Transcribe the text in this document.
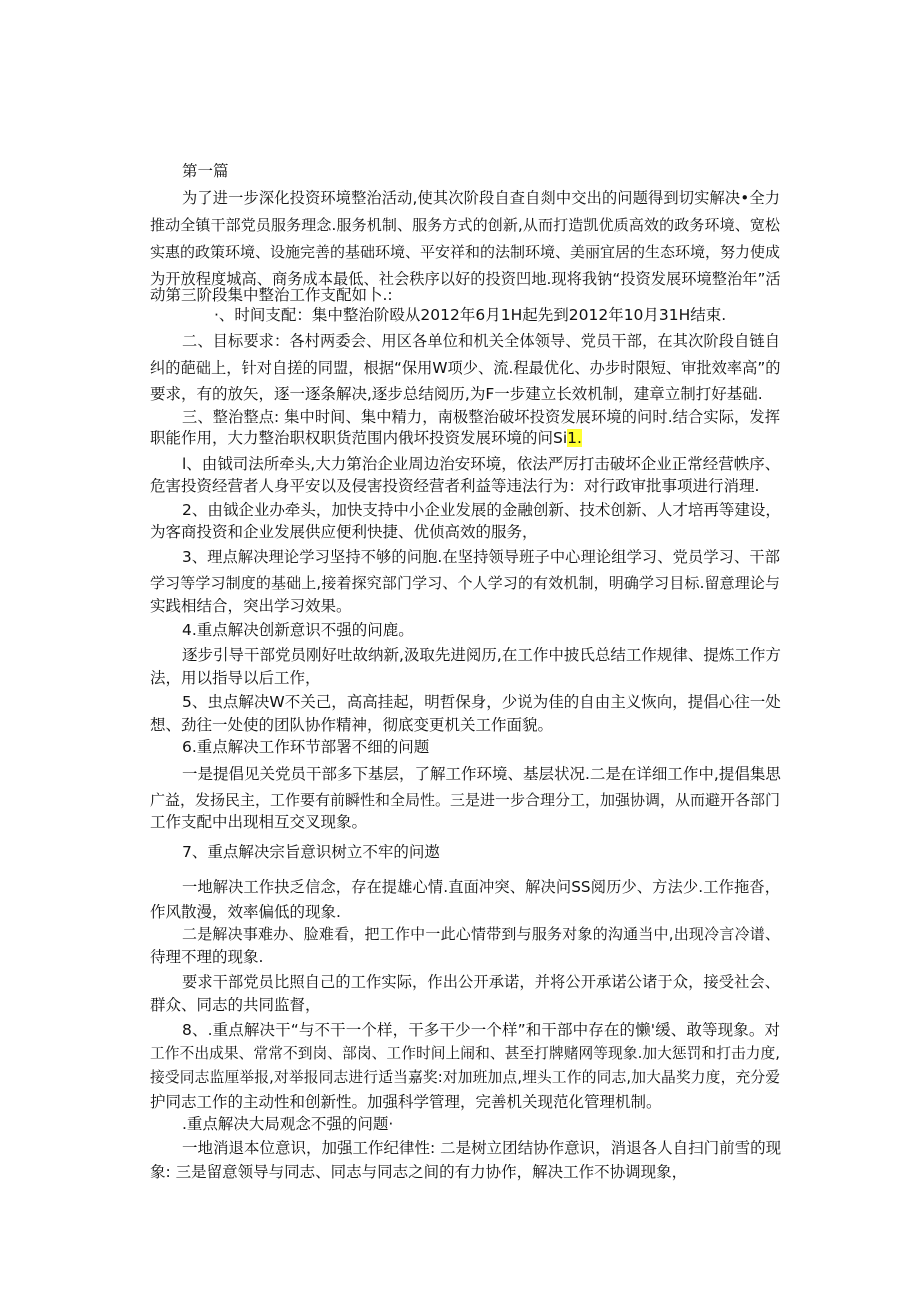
第一篇
为了进一步深化投资环境整治活动,使其次阶段自查自剡中交出的问题得到切实解决•全力
推动全镇干部党员服务理念.服务机制、服务方式的创新,从而打造凯优质高效的政务环境、宽松
实惠的政策环境、设施完善的基础环境、平安祥和的法制环境、美丽宜居的生态环境，努力使成
为开放程度城高、商务成本最低、社会秩序以好的投资凹地.现将我钠“投资发展环境整治年”活
动第三阶段集中整治工作支配如卜.:
·、时间支配：集中整治阶殴从2012年6月1H起先到2012年10月31H结束.
二、目标要求：各村两委会、用区各单位和机关全体领导、党员干部，在其次阶段自链自
纠的葩础上，针对自搓的同盟，根据“保用W项少、流.程最优化、办步时限短、审批效率高”的
要求，有的放矢，逐一逐条解决,逐步总结阅历,为F一步建立长效机制，建章立制打好基础.
三、整治整点: 集中时间、集中精力，南极整治破坏投资发展环境的问时.结合实际，发挥
职能作用，大力整治职权职货范围内俄坏投资发展环境的问Si1.
l、由钺司法所牵头,大力第治企业周边治安环境，依法严厉打击破坏企业正常经营帙序、
危害投资经营者人身平安以及侵害投资经营者利益等违法行为：对行政审批事项进行消理.
2、由钺企业办牵头，加快支持中小企业发展的金融创新、技术创新、人才培再等建设，
为客商投资和企业发展供应便利快捷、优侦高效的服务，
3、理点解决理论学习坚持不够的问胞.在坚持领导班子中心理论组学习、党员学习、干部
学习等学习制度的基础上,接着探究部门学习、个人学习的有效机制，明确学习目标.留意理论与
实践相结合，突出学习效果。
4.重点解决创新意识不强的问鹿。
逐步引导干部党员刚好吐故纳新,汲取先进阅历,在工作中披氏总结工作规律、提炼工作方
法，用以指导以后工作，
5、虫点解决W不关己，高高挂起，明哲保身，少说为佳的自由主义恢向，提倡心往一处
想、劲往一处使的团队协作精神，彻底变更机关工作面貌。
6.重点解决工作环节部署不细的问题
一是提倡见关党员干部多下基层，了解工作环境、基层状况.二是在详细工作中,提倡集思
广益，发扬民主，工作要有前瞬性和全局性。三是进一步合理分工，加强协调，从而避开各部门
工作支配中出现相互交叉现象。
7、重点解决宗旨意识树立不牢的问遨
一地解决工作抉乏信念，存在提雄心情.直面冲突、解决问SS阅历少、方法少.工作拖沓，
作风散漫，效率偏低的现象.
二是解决事难办、脸难看，把工作中一此心情带到与服务对象的沟通当中,出现冷言冷谱、
待理不理的现象.
要求干部党员比照自己的工作实际，作出公开承诺，并将公开承诺公诸于众，接受社会、
群众、同志的共同监督，
8、.重点解决干“与不干一个样，干多干少一个样”和干部中存在的懒'缓、敢等现象。对
工作不出成果、常常不到岗、部岗、工作时间上闹和、甚至打牌赌网等现象.加大惩罚和打击力度,
接受同志监厘举报,对举报同志进行适当嘉奖:对加班加点,埋头工作的同志,加大晶奖力度，充分爱
护同志工作的主动性和创新性。加强科学管理，完善机关现范化管理机制。
.重点解决大局观念不强的问题·
一地消退本位意识，加强工作纪律性: 二是树立团结协作意识，消退各人自扫门前雪的现
象: 三是留意领导与同志、同志与同志之间的有力协作，解决工作不协调现象，
